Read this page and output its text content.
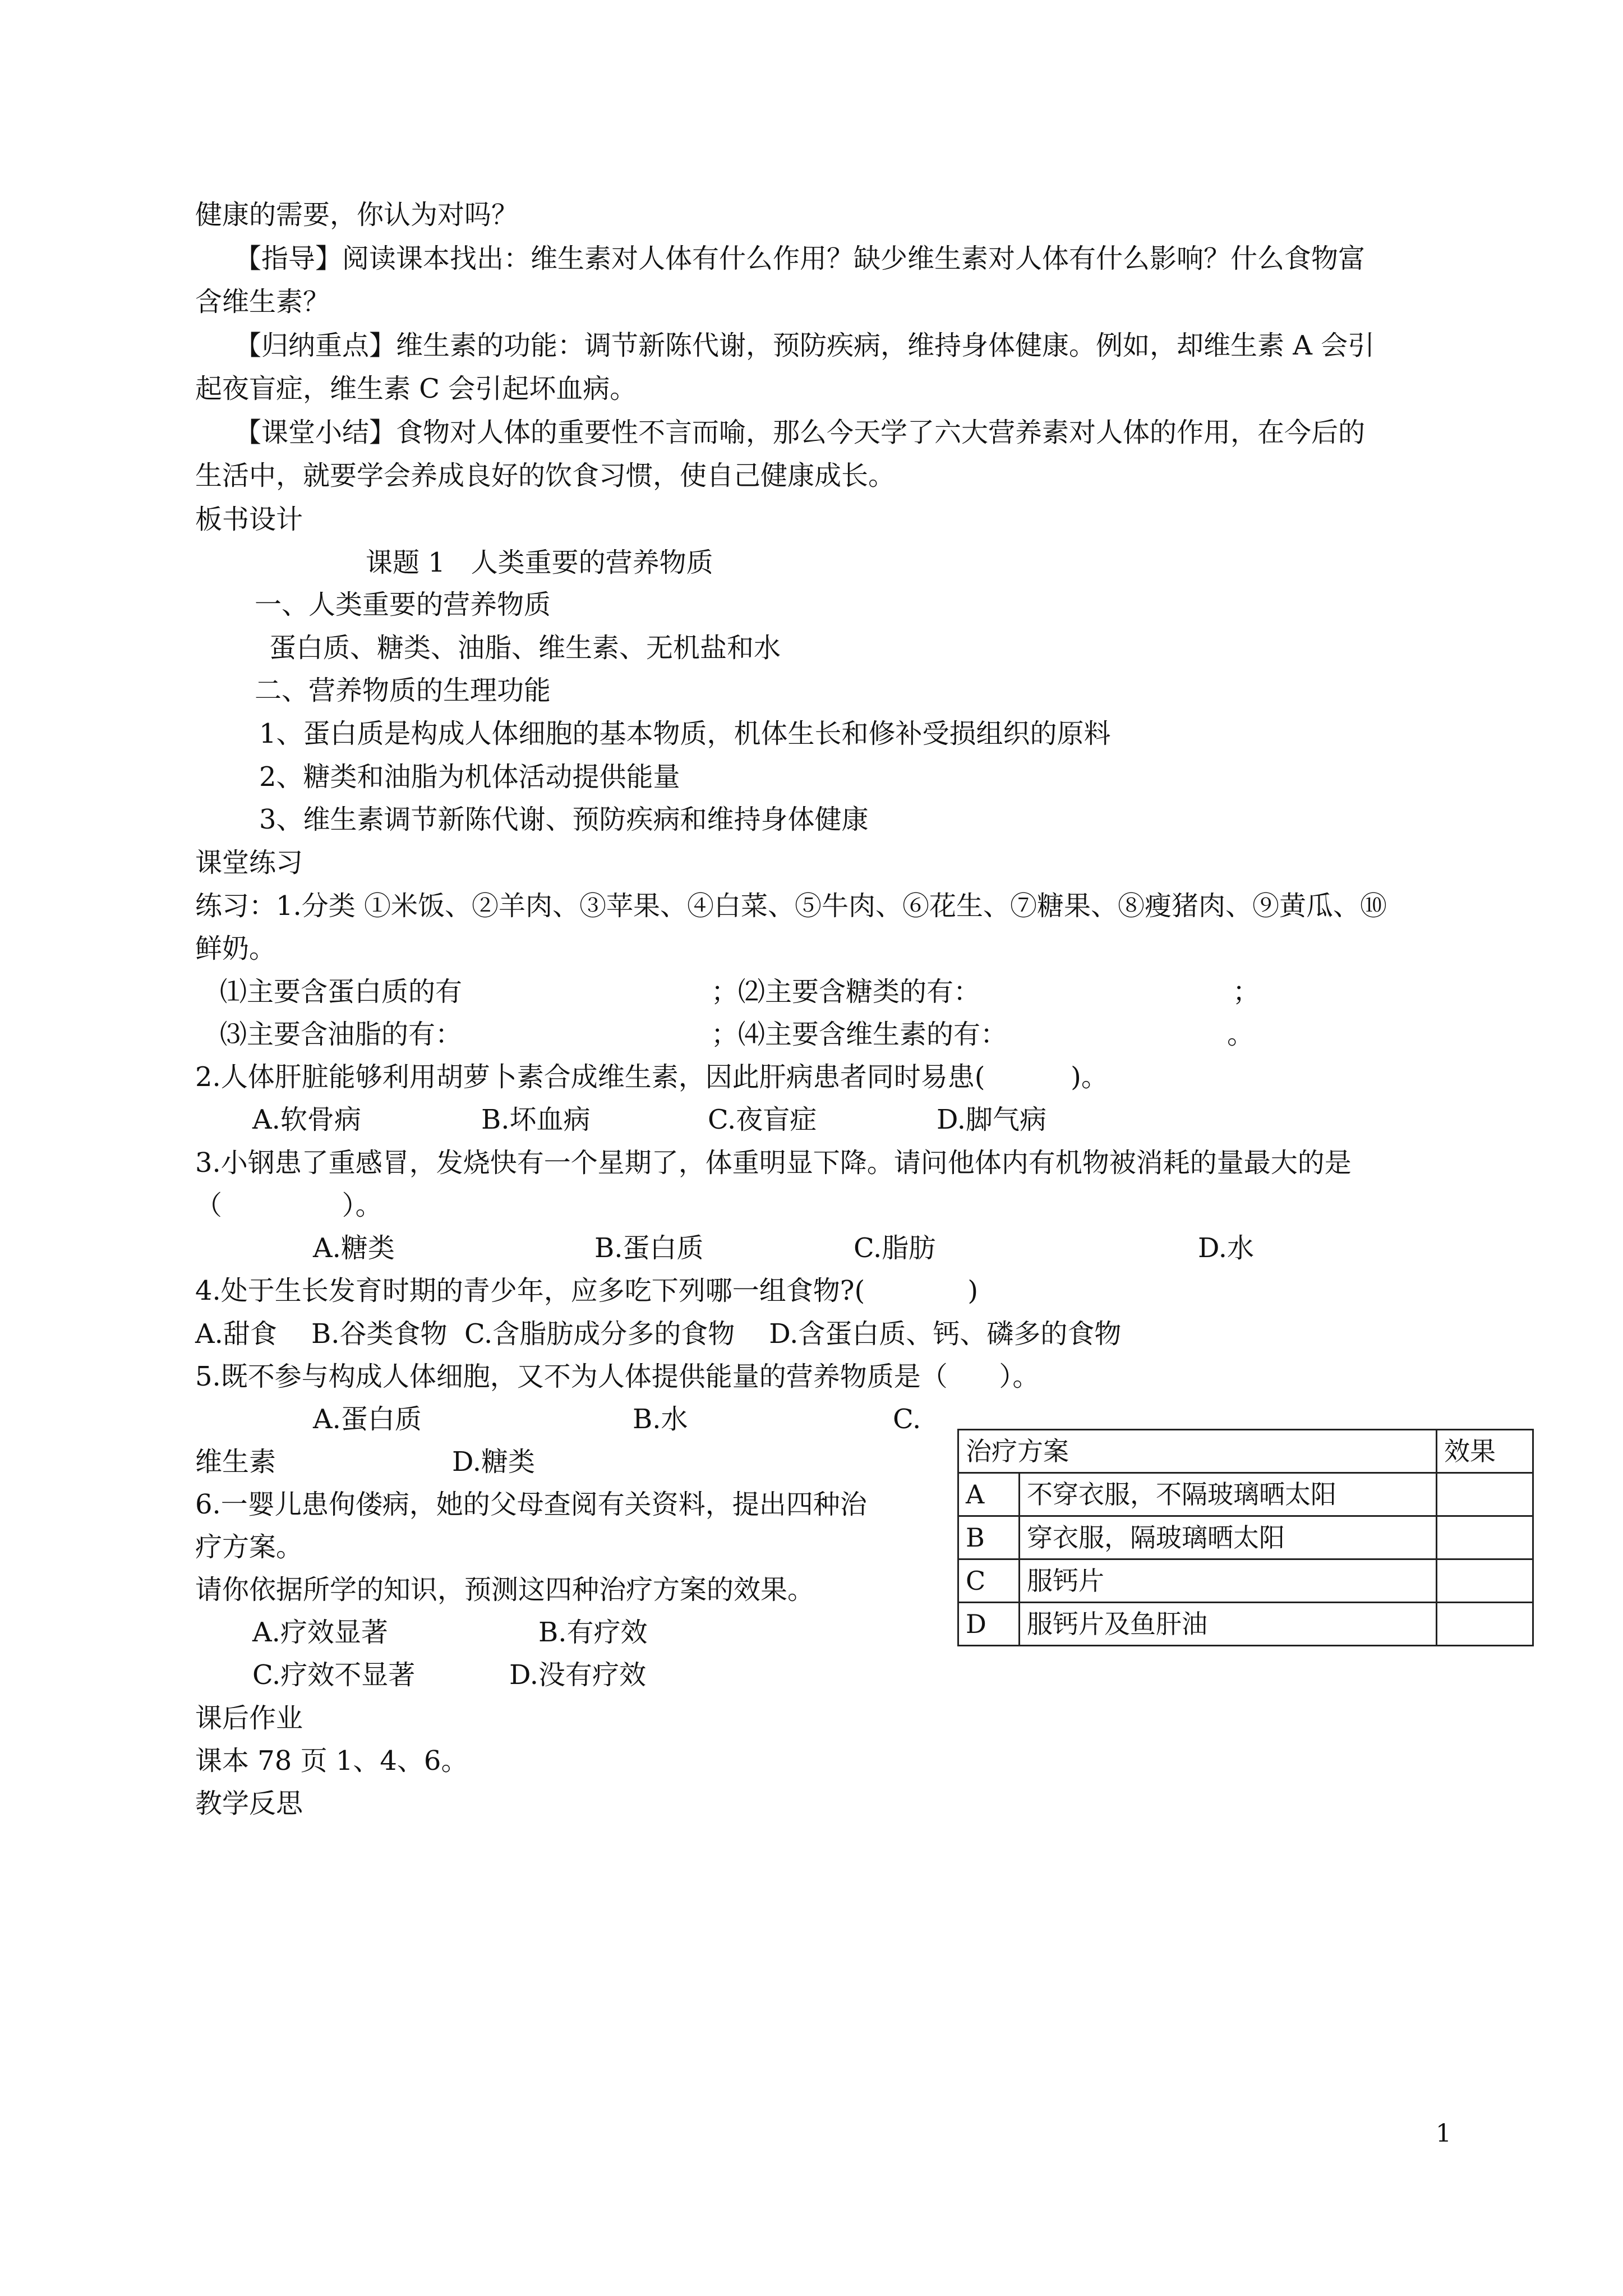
健康的需要，你认为对吗？
【指导】阅读课本找出：维生素对人体有什么作用？缺少维生素对人体有什么影响？什么食物富
含维生素？
【归纳重点】维生素的功能：调节新陈代谢，预防疾病，维持身体健康。例如，却维生素 A 会引
起夜盲症，维生素 C 会引起坏血病。
【课堂小结】食物对人体的重要性不言而喻，那么今天学了六大营养素对人体的作用，在今后的
生活中，就要学会养成良好的饮食习惯，使自己健康成长。
板书设计
课题 1   人类重要的营养物质
一、人类重要的营养物质
蛋白质、糖类、油脂、维生素、无机盐和水
二、营养物质的生理功能
1、蛋白质是构成人体细胞的基本物质，机体生长和修补受损组织的原料
2、糖类和油脂为机体活动提供能量
3、维生素调节新陈代谢、预防疾病和维持身体健康
课堂练习
练习：1.分类 ①米饭、②羊肉、③苹果、④白菜、⑤牛肉、⑥花生、⑦糖果、⑧瘦猪肉、⑨黄瓜、⑩
鲜奶。
⑴主要含蛋白质的有	；⑵主要含糖类的有：	；
⑶主要含油脂的有：	；⑷主要含维生素的有：	。
2.人体肝脏能够利用胡萝卜素合成维生素，因此肝病患者同时易患(          )。
A.软骨病	B.坏血病	C.夜盲症	D.脚气病
3.小钢患了重感冒，发烧快有一个星期了，体重明显下降。请问他体内有机物被消耗的量最大的是
（              ）。
A.糖类	B.蛋白质	C.脂肪	D.水
4.处于生长发育时期的青少年，应多吃下列哪一组食物?(            )
A.甜食    B.谷类食物  C.含脂肪成分多的食物    D.含蛋白质、钙、磷多的食物
5.既不参与构成人体细胞，又不为人体提供能量的营养物质是（      ）。
A.蛋白质	B.水	C.
维生素	D.糖类
6.一婴儿患佝偻病，她的父母查阅有关资料，提出四种治
疗方案。
请你依据所学的知识，预测这四种治疗方案的效果。
A.疗效显著	B.有疗效
C.疗效不显著	D.没有疗效
课后作业
课本 78 页 1、4、6。
教学反思
治疗方案		效果
A	不穿衣服，不隔玻璃晒太阳	
B	穿衣服，隔玻璃晒太阳	
C	服钙片	
D	服钙片及鱼肝油	
1
